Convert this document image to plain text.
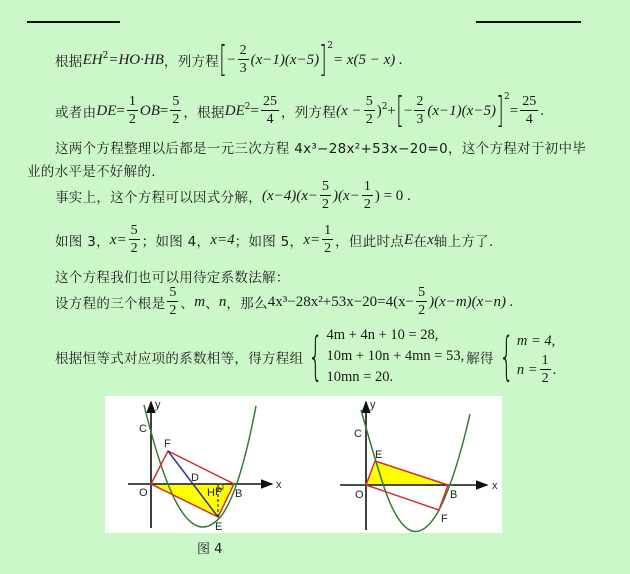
根据 $EH^2 =HO\cdot HB$ ，列方程 [ − $\frac{2}{3} (x-1)(x-5)$ ]$^2$
= x(5 − x) .
或者由 DE = $\frac{1}{2}$ OB = $\frac{5}{2}$ ，根据 $DE^2 = \frac{25}{4}$ ，列方程 $(x - \frac{5}{2} )^2$ + [ − $\frac{2}{3} (x-1)(x-5)$ ]$^2$
= $\frac{25}{4}$ .
这两个方程整理以后都是一元三次方程 4x³−28x²+53x−20=0，这个方程对于初中毕
业的水平是不好解的.
事实上，这个方程可以因式分解， $(x-4)(x- \frac{5}{2} )(x- \frac{1}{2}$ ) = 0 .
如图 3， $x= \frac{5}{2}$ ；如图 4， x=4 ；如图 5， $x= \frac{1}{2}$ ，但此时点 E 在 x 轴上方了.
这个方程我们也可以用待定系数法解：
设方程的三个根是 $\frac{5}{2}$ 、 m 、 n ，那么 $4x^3-28x^2+53x-20=4(x- \frac{5}{2} )(x-m)(x-n)$ .
根据恒等式对应项的系数相等，得方程组 { 4m + 4n + 10 = 28,
10m + 10n + 4mn = 53,
10mn = 20.
解得 { m = 4,
$n = \frac{1}{2}$ .
y
x
C
F
D
O	H P B
E
y
x
C
E
O	B
F
图 4
